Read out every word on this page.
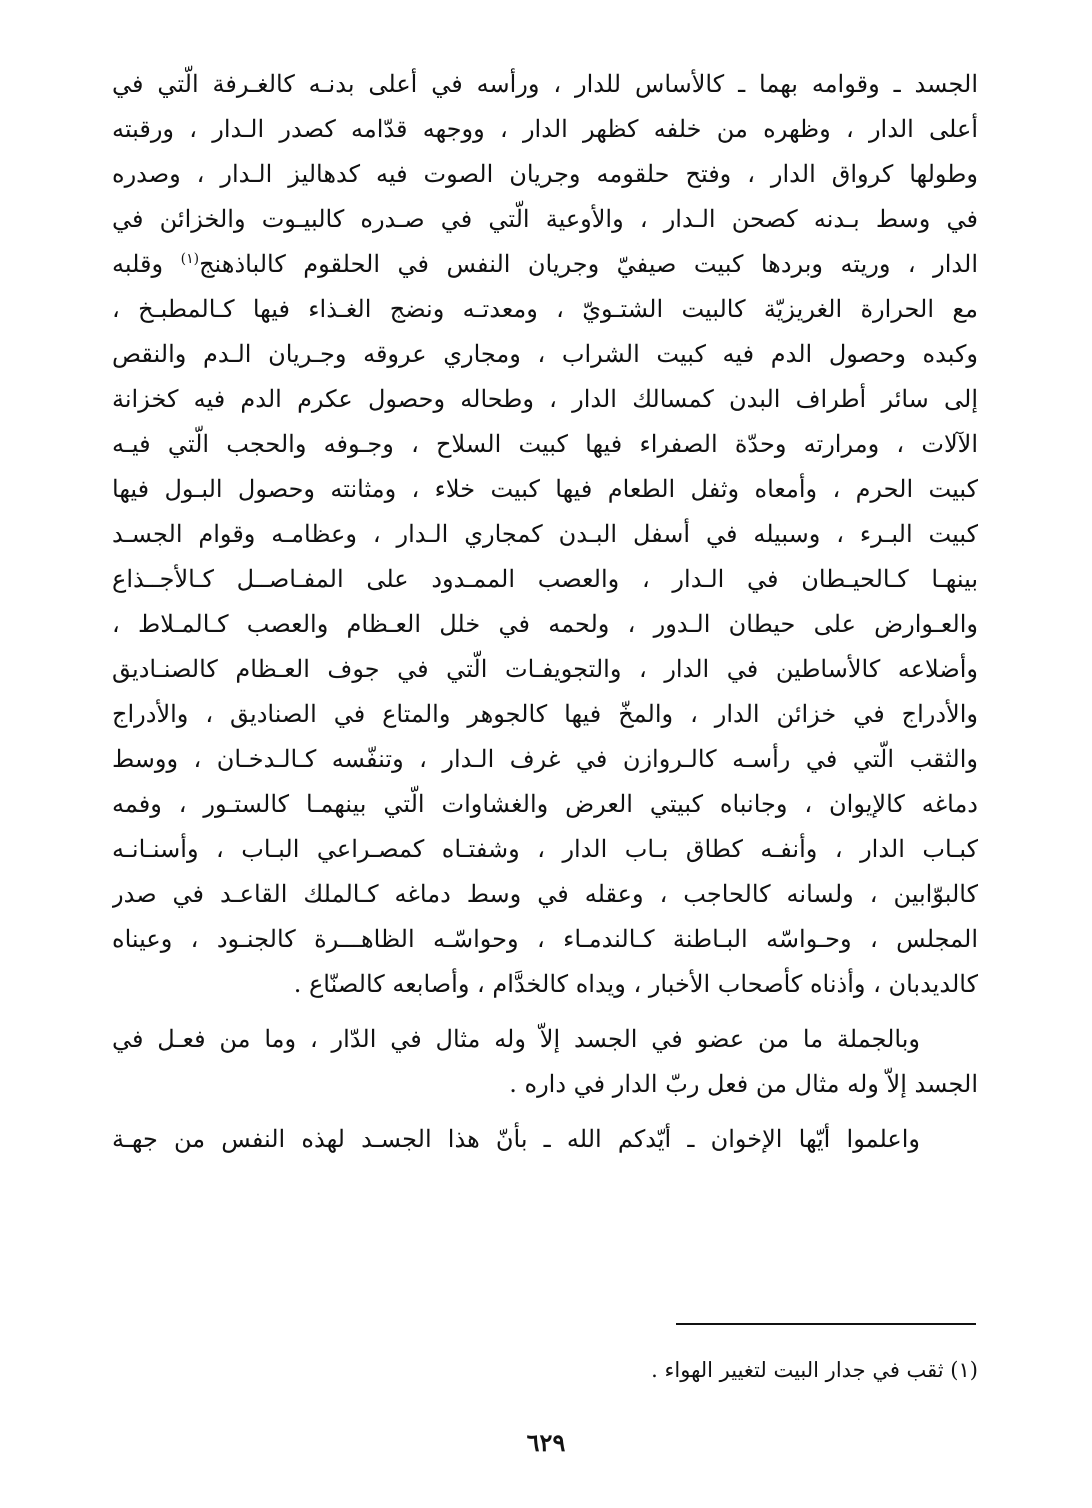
الجسد ـ وقوامه بهما ـ كالأساس للدار ، ورأسه في أعلى بدنـه كالغـرفة الّتي في
أعلى الدار ، وظهره من خلفه كظهر الدار ، ووجهه قدّامه كصدر الـدار ، ورقبته
وطولها كرواق الدار ، وفتح حلقومه وجريان الصوت فيه كدهاليز الـدار ، وصدره
في وسط بـدنه كصحن الـدار ، والأوعية الّتي في صـدره كالبيـوت والخزائن في
الدار ، وريته وبردها كبيت صيفيّ وجريان النفس في الحلقوم كالباذهنج$^{(١)}$ وقلبه
مع الحرارة الغريزيّة كالبيت الشتـويّ ، ومعدتـه ونضج الغـذاء فيها كـالمطبـخ ،
وكبده وحصول الدم فيه كبيت الشراب ، ومجاري عروقه وجـريان الـدم والنقص
إلى سائر أطراف البدن كمسالك الدار ، وطحاله وحصول عكرم الدم فيه كخزانة
الآلات ، ومرارته وحدّة الصفراء فيها كبيت السلاح ، وجـوفه والحجب الّتي فيـه
كبيت الحرم ، وأمعاه وثفل الطعام فيها كبيت خلاء ، ومثانته وحصول البـول فيها
كبيت البـرء ، وسبيله في أسفل البـدن كمجاري الـدار ، وعظامـه وقوام الجسـد
بينهـا كـالحيـطان في الـدار ، والعصب الممـدود على المفـاصــل كـالأجــذاع
والعـوارض على حيطان الـدور ، ولحمه في خلل العـظام والعصب كـالمـلاط ،
وأضلاعه كالأساطين في الدار ، والتجويفـات الّتي في جوف العـظام كالصنـاديق
والأدراج في خزائن الدار ، والمخّ فيها كالجوهر والمتاع في الصناديق ، والأدراج
والثقب الّتي في رأسـه كالـروازن في غرف الـدار ، وتنفّسه كـالـدخـان ، ووسط
دماغه كالإيوان ، وجانباه كبيتي العرض والغشاوات الّتي بينهمـا كالستـور ، وفمه
كبـاب الدار ، وأنفـه كطاق بـاب الدار ، وشفتـاه كمصـراعي البـاب ، وأسنـانـه
كالبوّابين ، ولسانه كالحاجب ، وعقله في وسط دماغه كـالملك القاعـد في صدر
المجلس ، وحـواسّه البـاطنة كـالندمـاء ، وحواسّـه الظاهـــرة كالجنـود ، وعيناه
كالديدبان ، وأذناه كأصحاب الأخبار ، ويداه كالخدَّام ، وأصابعه كالصنّاع .
وبالجملة ما من عضو في الجسد إلاّ وله مثال في الدّار ، وما من فعـل في
الجسد إلاّ وله مثال من فعل ربّ الدار في داره .
واعلموا أيّها الإخوان ـ أيّدكم الله ـ بأنّ هذا الجسـد لهذه النفس من جهـة
(١) ثقب في جدار البيت لتغيير الهواء .
٦٢٩
